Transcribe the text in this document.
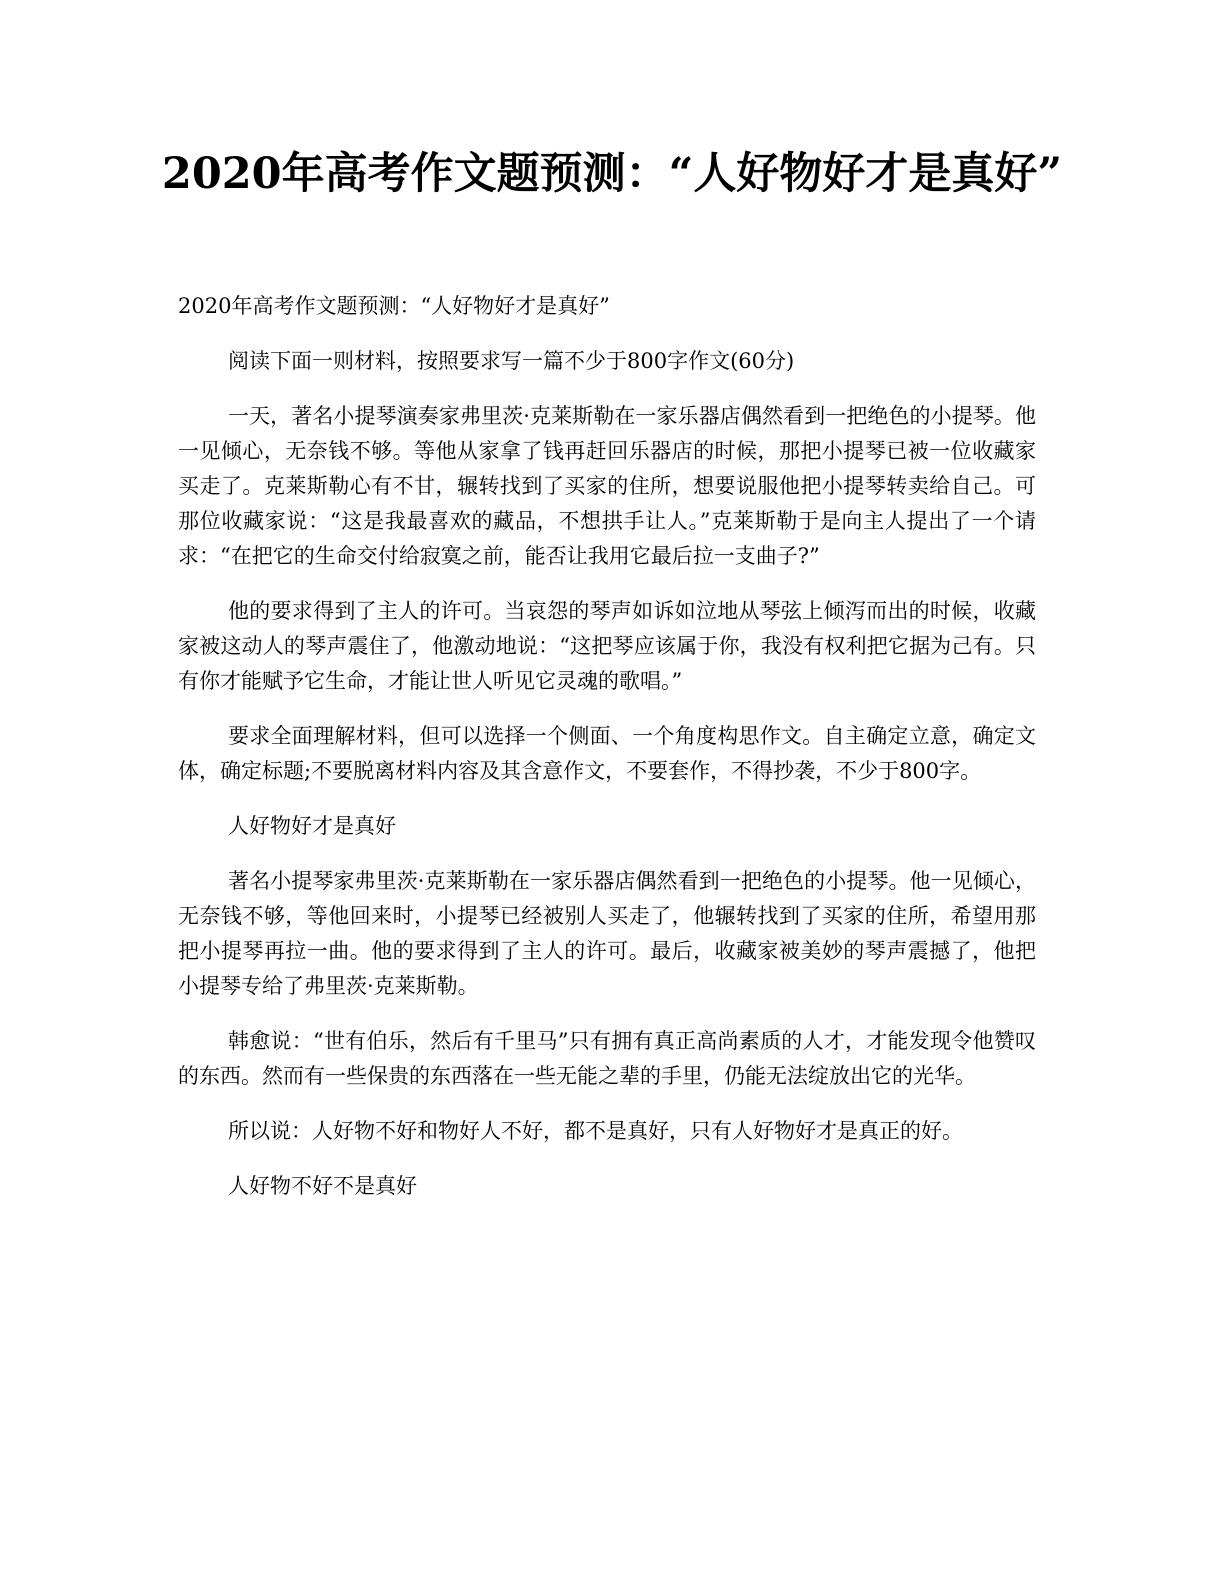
2020年高考作文题预测：“人好物好才是真好”

2020年高考作文题预测：“人好物好才是真好”

阅读下面一则材料，按照要求写一篇不少于800字作文(60分)

一天，著名小提琴演奏家弗里茨·克莱斯勒在一家乐器店偶然看到一把绝色的小提琴。他一见倾心，无奈钱不够。等他从家拿了钱再赶回乐器店的时候，那把小提琴已被一位收藏家买走了。克莱斯勒心有不甘，辗转找到了买家的住所，想要说服他把小提琴转卖给自己。可那位收藏家说：“这是我最喜欢的藏品，不想拱手让人。”克莱斯勒于是向主人提出了一个请求：“在把它的生命交付给寂寞之前，能否让我用它最后拉一支曲子?”

他的要求得到了主人的许可。当哀怨的琴声如诉如泣地从琴弦上倾泻而出的时候，收藏家被这动人的琴声震住了，他激动地说：“这把琴应该属于你，我没有权利把它据为己有。只有你才能赋予它生命，才能让世人听见它灵魂的歌唱。”

要求全面理解材料，但可以选择一个侧面、一个角度构思作文。自主确定立意，确定文体，确定标题;不要脱离材料内容及其含意作文，不要套作，不得抄袭，不少于800字。

人好物好才是真好

著名小提琴家弗里茨·克莱斯勒在一家乐器店偶然看到一把绝色的小提琴。他一见倾心，无奈钱不够，等他回来时，小提琴已经被别人买走了，他辗转找到了买家的住所，希望用那把小提琴再拉一曲。他的要求得到了主人的许可。最后，收藏家被美妙的琴声震撼了，他把小提琴专给了弗里茨·克莱斯勒。

韩愈说：“世有伯乐，然后有千里马”只有拥有真正高尚素质的人才，才能发现令他赞叹的东西。然而有一些保贵的东西落在一些无能之辈的手里，仍能无法绽放出它的光华。

所以说：人好物不好和物好人不好，都不是真好，只有人好物好才是真正的好。

人好物不好不是真好
